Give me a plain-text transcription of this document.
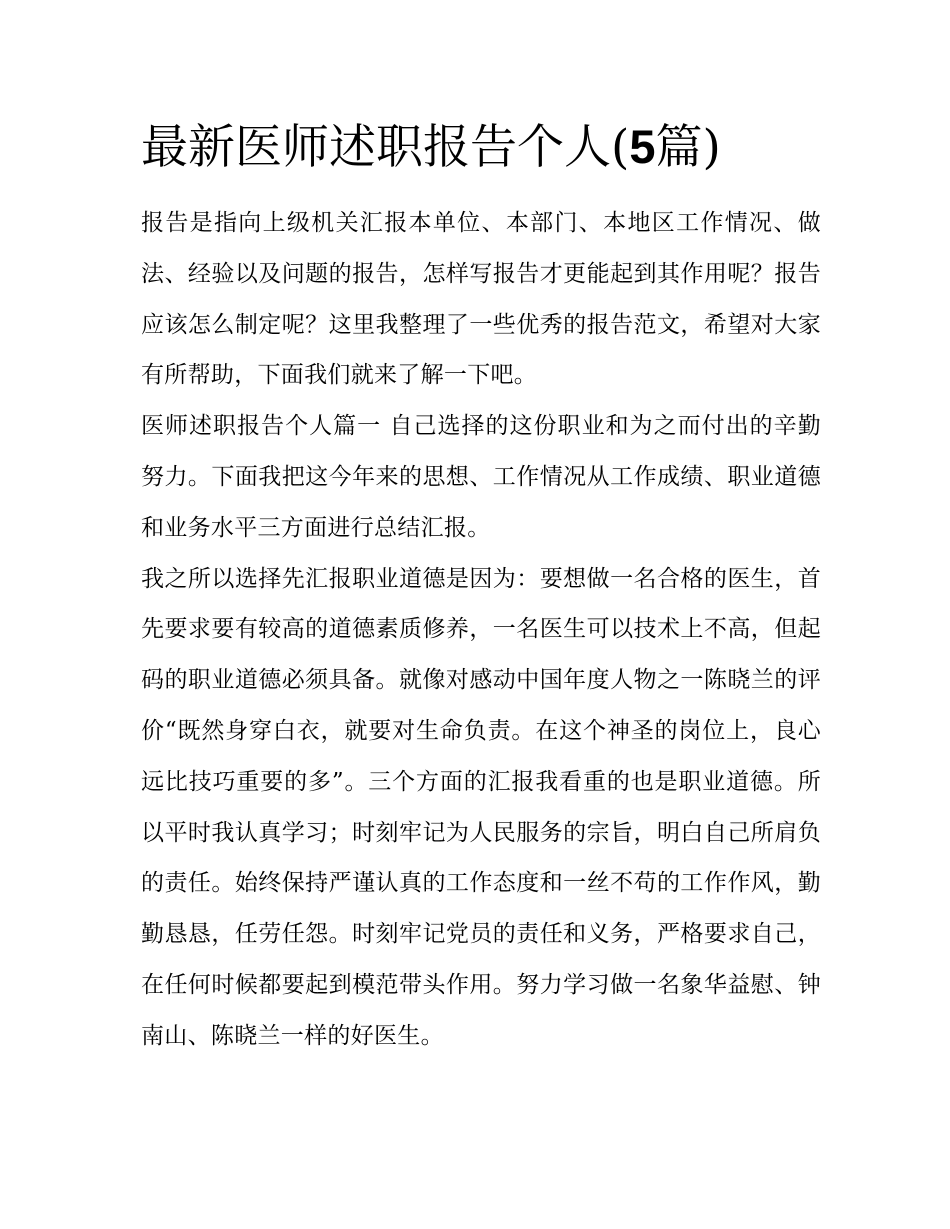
最新医师述职报告个人(5篇)

报告是指向上级机关汇报本单位、本部门、本地区工作情况、做法、经验以及问题的报告，怎样写报告才更能起到其作用呢？报告应该怎么制定呢？这里我整理了一些优秀的报告范文，希望对大家有所帮助，下面我们就来了解一下吧。

医师述职报告个人篇一 自己选择的这份职业和为之而付出的辛勤努力。下面我把这今年来的思想、工作情况从工作成绩、职业道德和业务水平三方面进行总结汇报。

我之所以选择先汇报职业道德是因为：要想做一名合格的医生，首先要求要有较高的道德素质修养，一名医生可以技术上不高，但起码的职业道德必须具备。就像对感动中国年度人物之一陈晓兰的评价“既然身穿白衣，就要对生命负责。在这个神圣的岗位上，良心远比技巧重要的多”。三个方面的汇报我看重的也是职业道德。所以平时我认真学习；时刻牢记为人民服务的宗旨，明白自己所肩负的责任。始终保持严谨认真的工作态度和一丝不苟的工作作风，勤勤恳恳，任劳任怨。时刻牢记党员的责任和义务，严格要求自己，在任何时候都要起到模范带头作用。努力学习做一名象华益慰、钟南山、陈晓兰一样的好医生。
